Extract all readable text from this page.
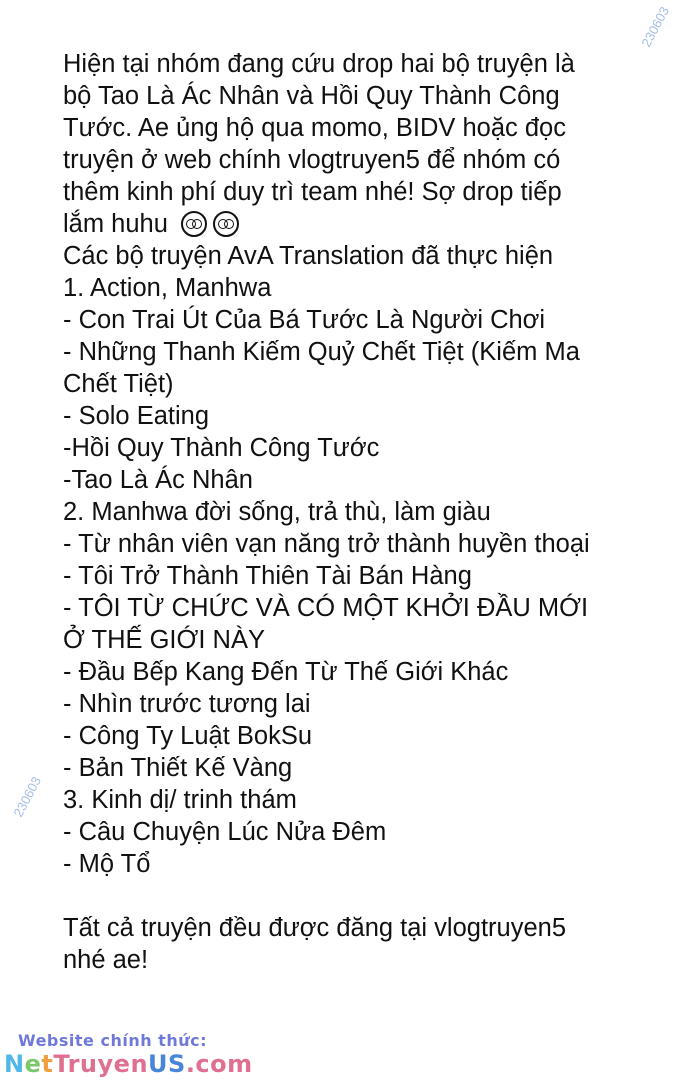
Hiện tại nhóm đang cứu drop hai bộ truyện là
bộ Tao Là Ác Nhân và Hồi Quy Thành Công
Tước. Ae ủng hộ qua momo, BIDV hoặc đọc
truyện ở web chính vlogtruyen5 để nhóm có
thêm kinh phí duy trì team nhé! Sợ drop tiếp
lắm huhu
Các bộ truyện AvA Translation đã thực hiện
1. Action, Manhwa
- Con Trai Út Của Bá Tước Là Người Chơi
- Những Thanh Kiếm Quỷ Chết Tiệt (Kiếm Ma
Chết Tiệt)
- Solo Eating
-Hồi Quy Thành Công Tước
-Tao Là Ác Nhân
2. Manhwa đời sống, trả thù, làm giàu
- Từ nhân viên vạn năng trở thành huyền thoại
- Tôi Trở Thành Thiên Tài Bán Hàng
- TÔI TỪ CHỨC VÀ CÓ MỘT KHỞI ĐẦU MỚI
Ở THẾ GIỚI NÀY
- Đầu Bếp Kang Đến Từ Thế Giới Khác
- Nhìn trước tương lai
- Công Ty Luật BokSu
- Bản Thiết Kế Vàng
3. Kinh dị/ trinh thám
- Câu Chuyện Lúc Nửa Đêm
- Mộ Tổ
Tất cả truyện đều được đăng tại vlogtruyen5
nhé ae!
230603
230603
Website chính thức:
NetTruyenUS.com
